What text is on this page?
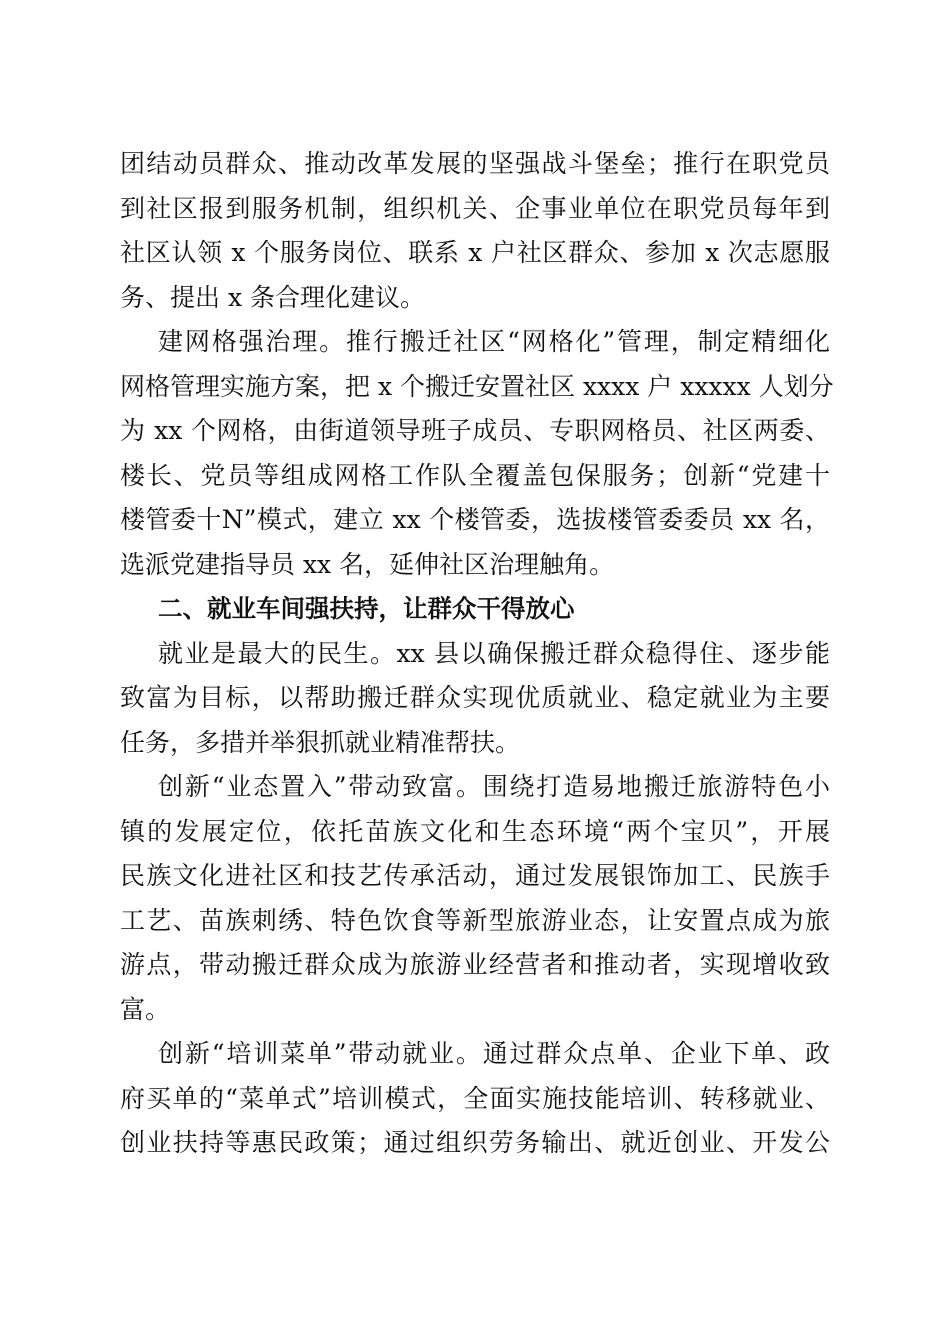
团结动员群众、推动改革发展的坚强战斗堡垒；推行在职党员
到社区报到服务机制，组织机关、企事业单位在职党员每年到
社区认领 x 个服务岗位、联系 x 户社区群众、参加 x 次志愿服
务、提出 x 条合理化建议。
建网格强治理。推行搬迁社区“网格化”管理，制定精细化
网格管理实施方案，把 x 个搬迁安置社区 xxxx 户 xxxxx 人划分
为 xx 个网格，由街道领导班子成员、专职网格员、社区两委、
楼长、党员等组成网格工作队全覆盖包保服务；创新“党建十
楼管委十N”模式，建立 xx 个楼管委，选拔楼管委委员 xx 名，
选派党建指导员 xx 名，延伸社区治理触角。
二、就业车间强扶持，让群众干得放心
就业是最大的民生。xx 县以确保搬迁群众稳得住、逐步能
致富为目标，以帮助搬迁群众实现优质就业、稳定就业为主要
任务，多措并举狠抓就业精准帮扶。
创新“业态置入”带动致富。围绕打造易地搬迁旅游特色小
镇的发展定位，依托苗族文化和生态环境“两个宝贝”，开展
民族文化进社区和技艺传承活动，通过发展银饰加工、民族手
工艺、苗族刺绣、特色饮食等新型旅游业态，让安置点成为旅
游点，带动搬迁群众成为旅游业经营者和推动者，实现增收致
富。
创新“培训菜单”带动就业。通过群众点单、企业下单、政
府买单的“菜单式”培训模式，全面实施技能培训、转移就业、
创业扶持等惠民政策；通过组织劳务输出、就近创业、开发公
